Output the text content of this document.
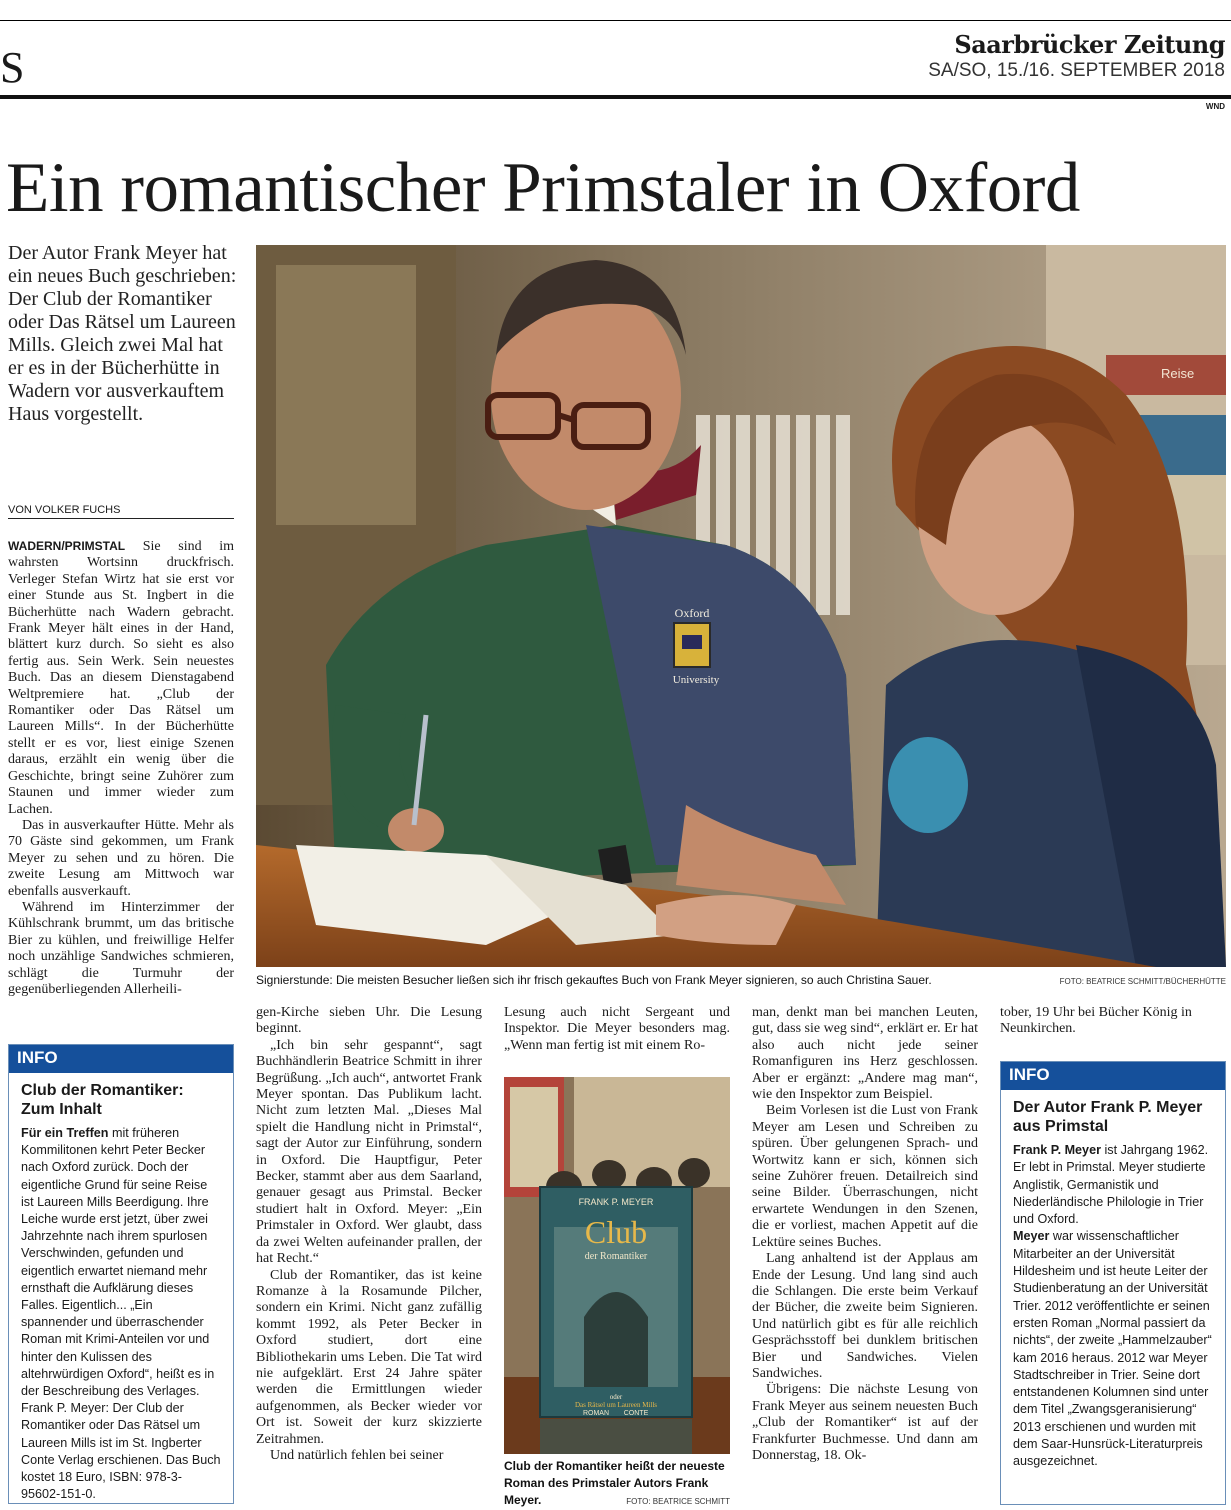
S	Saarbrücker Zeitung
SA/SO, 15./16. SEPTEMBER 2018
WND
Ein romantischer Primstaler in Oxford
Der Autor Frank Meyer hat ein neues Buch geschrieben: Der Club der Romantiker oder Das Rätsel um Laureen Mills. Gleich zwei Mal hat er es in der Bücherhütte in Wadern vor ausverkauftem Haus vorgestellt.
VON VOLKER FUCHS

WADERN/PRIMSTAL Sie sind im wahrsten Wortsinn druckfrisch. Verleger Stefan Wirtz hat sie erst vor einer Stunde aus St. Ingbert in die Bücherhütte nach Wadern gebracht. Frank Meyer hält eines in der Hand, blättert kurz durch. So sieht es also fertig aus. Sein Werk. Sein neuestes Buch. Das an diesem Dienstagabend Weltpremiere hat. „Club der Romantiker oder Das Rätsel um Laureen Mills“. In der Bücherhütte stellt er es vor, liest einige Szenen daraus, erzählt ein wenig über die Geschichte, bringt seine Zuhörer zum Staunen und immer wieder zum Lachen.

Das in ausverkaufter Hütte. Mehr als 70 Gäste sind gekommen, um Frank Meyer zu sehen und zu hören. Die zweite Lesung am Mittwoch war ebenfalls ausverkauft.

Während im Hinterzimmer der Kühlschrank brummt, um das britische Bier zu kühlen, und freiwillige Helfer noch unzählige Sandwiches schmieren, schlägt die Turmuhr der gegenüberliegenden Allerheili-

INFO
Club der Romantiker: Zum Inhalt
Für ein Treffen mit früheren Kommilitonen kehrt Peter Becker nach Oxford zurück. Doch der eigentliche Grund für seine Reise ist Laureen Mills Beerdigung. Ihre Leiche wurde erst jetzt, über zwei Jahrzehnte nach ihrem spurlosen Verschwinden, gefunden und eigentlich erwartet niemand mehr ernsthaft die Aufklärung dieses Falles. Eigentlich... „Ein spannender und überraschender Roman mit Krimi-Anteilen vor und hinter den Kulissen des altehrwürdigen Oxford“, heißt es in der Beschreibung des Verlages. Frank P. Meyer: Der Club der Romantiker oder Das Rätsel um Laureen Mills ist im St. Ingberter Conte Verlag erschienen. Das Buch kostet 18 Euro, ISBN: 978-3-95602-151-0.
Reise
Oxford
University
Signierstunde: Die meisten Besucher ließen sich ihr frisch gekauftes Buch von Frank Meyer signieren, so auch Christina Sauer.	FOTO: BEATRICE SCHMITT/BÜCHERHÜTTE

gen-Kirche sieben Uhr. Die Lesung beginnt.

„Ich bin sehr gespannt“, sagt Buchhändlerin Beatrice Schmitt in ihrer Begrüßung. „Ich auch“, antwortet Frank Meyer spontan. Das Publikum lacht. Nicht zum letzten Mal. „Dieses Mal spielt die Handlung nicht in Primstal“, sagt der Autor zur Einführung, sondern in Oxford. Die Hauptfigur, Peter Becker, stammt aber aus dem Saarland, genauer gesagt aus Primstal. Becker studiert halt in Oxford. Meyer: „Ein Primstaler in Oxford. Wer glaubt, dass da zwei Welten aufeinander prallen, der hat Recht.“

Club der Romantiker, das ist keine Romanze à la Rosamunde Pilcher, sondern ein Krimi. Nicht ganz zufällig kommt 1992, als Peter Becker in Oxford studiert, dort eine Bibliothekarin ums Leben. Die Tat wird nie aufgeklärt. Erst 24 Jahre später werden die Ermittlungen wieder aufgenommen, als Becker wieder vor Ort ist. Soweit der kurz skizzierte Zeitrahmen.

Und natürlich fehlen bei seiner

Lesung auch nicht Sergeant und Inspektor. Die Meyer besonders mag. „Wenn man fertig ist mit einem Ro-

FRANK P. MEYER
Club
der Romantiker
oder
Das Rätsel um Laureen Mills
ROMAN CONTE
Club der Romantiker heißt der neueste Roman des Primstaler Autors Frank Meyer.	FOTO: BEATRICE SCHMITT

man, denkt man bei manchen Leuten, gut, dass sie weg sind“, erklärt er. Er hat also auch nicht jede seiner Romanfiguren ins Herz geschlossen. Aber er ergänzt: „Andere mag man“, wie den Inspektor zum Beispiel.

Beim Vorlesen ist die Lust von Frank Meyer am Lesen und Schreiben zu spüren. Über gelungenen Sprach- und Wortwitz kann er sich, können sich seine Zuhörer freuen. Detailreich sind seine Bilder. Überraschungen, nicht erwartete Wendungen in den Szenen, die er vorliest, machen Appetit auf die Lektüre seines Buches.

Lang anhaltend ist der Applaus am Ende der Lesung. Und lang sind auch die Schlangen. Die erste beim Verkauf der Bücher, die zweite beim Signieren. Und natürlich gibt es für alle reichlich Gesprächsstoff bei dunklem britischen Bier und Sandwiches. Vielen Sandwiches.

Übrigens: Die nächste Lesung von Frank Meyer aus seinem neuesten Buch „Club der Romantiker“ ist auf der Frankfurter Buchmesse. Und dann am Donnerstag, 18. Ok-

tober, 19 Uhr bei Bücher König in Neunkirchen.

INFO
Der Autor Frank P. Meyer aus Primstal
Frank P. Meyer ist Jahrgang 1962. Er lebt in Primstal. Meyer studierte Anglistik, Germanistik und Niederländische Philologie in Trier und Oxford.
Meyer war wissenschaftlicher Mitarbeiter an der Universität Hildesheim und ist heute Leiter der Studienberatung an der Universität Trier. 2012 veröffentlichte er seinen ersten Roman „Normal passiert da nichts“, der zweite „Hammelzauber“ kam 2016 heraus. 2012 war Meyer Stadtschreiber in Trier. Seine dort entstandenen Kolumnen sind unter dem Titel „Zwangsgeranisierung“ 2013 erschienen und wurden mit dem Saar-Hunsrück-Literaturpreis ausgezeichnet.
